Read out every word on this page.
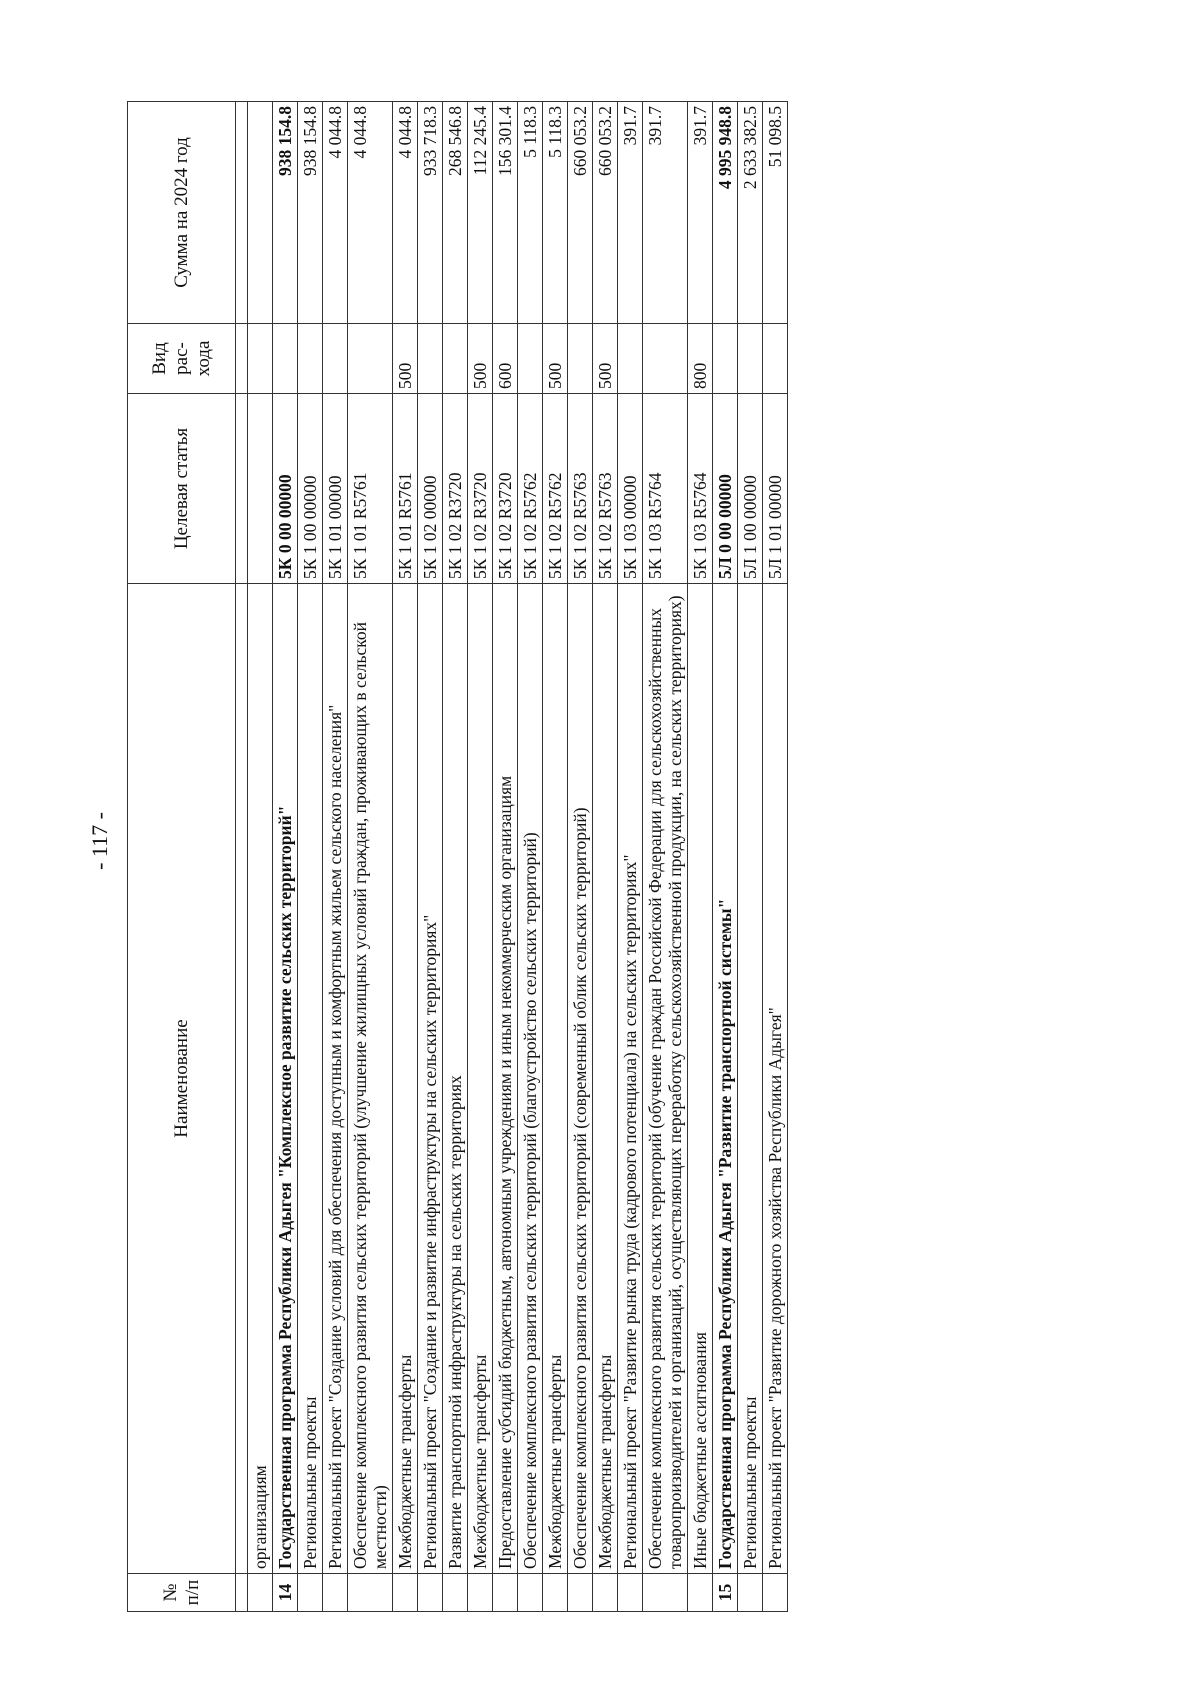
- 117 -
№ п/п	Наименование	Целевая статья	Вид рас-хода	Сумма на 2024 год

	организациям			
14	Государственная программа Республики Адыгея "Комплексное развитие сельских территорий"	5К 0 00 00000		938 154.8
	Региональные проекты	5К 1 00 00000		938 154.8
	Региональный проект "Создание условий для обеспечения доступным и комфортным жильем сельского населения"	5К 1 01 00000		4 044.8
	Обеспечение комплексного развития сельских территорий (улучшение жилищных условий граждан, проживающих в сельской местности)	5К 1 01 R5761		4 044.8
	Межбюджетные трансферты	5К 1 01 R5761	500	4 044.8
	Региональный проект "Создание и развитие инфраструктуры на сельских территориях"	5К 1 02 00000		933 718.3
	Развитие транспортной инфраструктуры на сельских территориях	5К 1 02 R3720		268 546.8
	Межбюджетные трансферты	5К 1 02 R3720	500	112 245.4
	Предоставление субсидий бюджетным, автономным учреждениям и иным некоммерческим организациям	5К 1 02 R3720	600	156 301.4
	Обеспечение комплексного развития сельских территорий (благоустройство сельских территорий)	5К 1 02 R5762		5 118.3
	Межбюджетные трансферты	5К 1 02 R5762	500	5 118.3
	Обеспечение комплексного развития сельских территорий (современный облик сельских территорий)	5К 1 02 R5763		660 053.2
	Межбюджетные трансферты	5К 1 02 R5763	500	660 053.2
	Региональный проект "Развитие рынка труда (кадрового потенциала) на сельских территориях"	5К 1 03 00000		391.7
	Обеспечение комплексного развития сельских территорий (обучение граждан Российской Федерации для сельскохозяйственных товаропроизводителей и организаций, осуществляющих переработку сельскохозяйственной продукции, на сельских территориях)	5К 1 03 R5764		391.7
	Иные бюджетные ассигнования	5К 1 03 R5764	800	391.7
15	Государственная программа Республики Адыгея "Развитие транспортной системы"	5Л 0 00 00000		4 995 948.8
	Региональные проекты	5Л 1 00 00000		2 633 382.5
	Региональный проект "Развитие дорожного хозяйства Республики Адыгея"	5Л 1 01 00000		51 098.5
